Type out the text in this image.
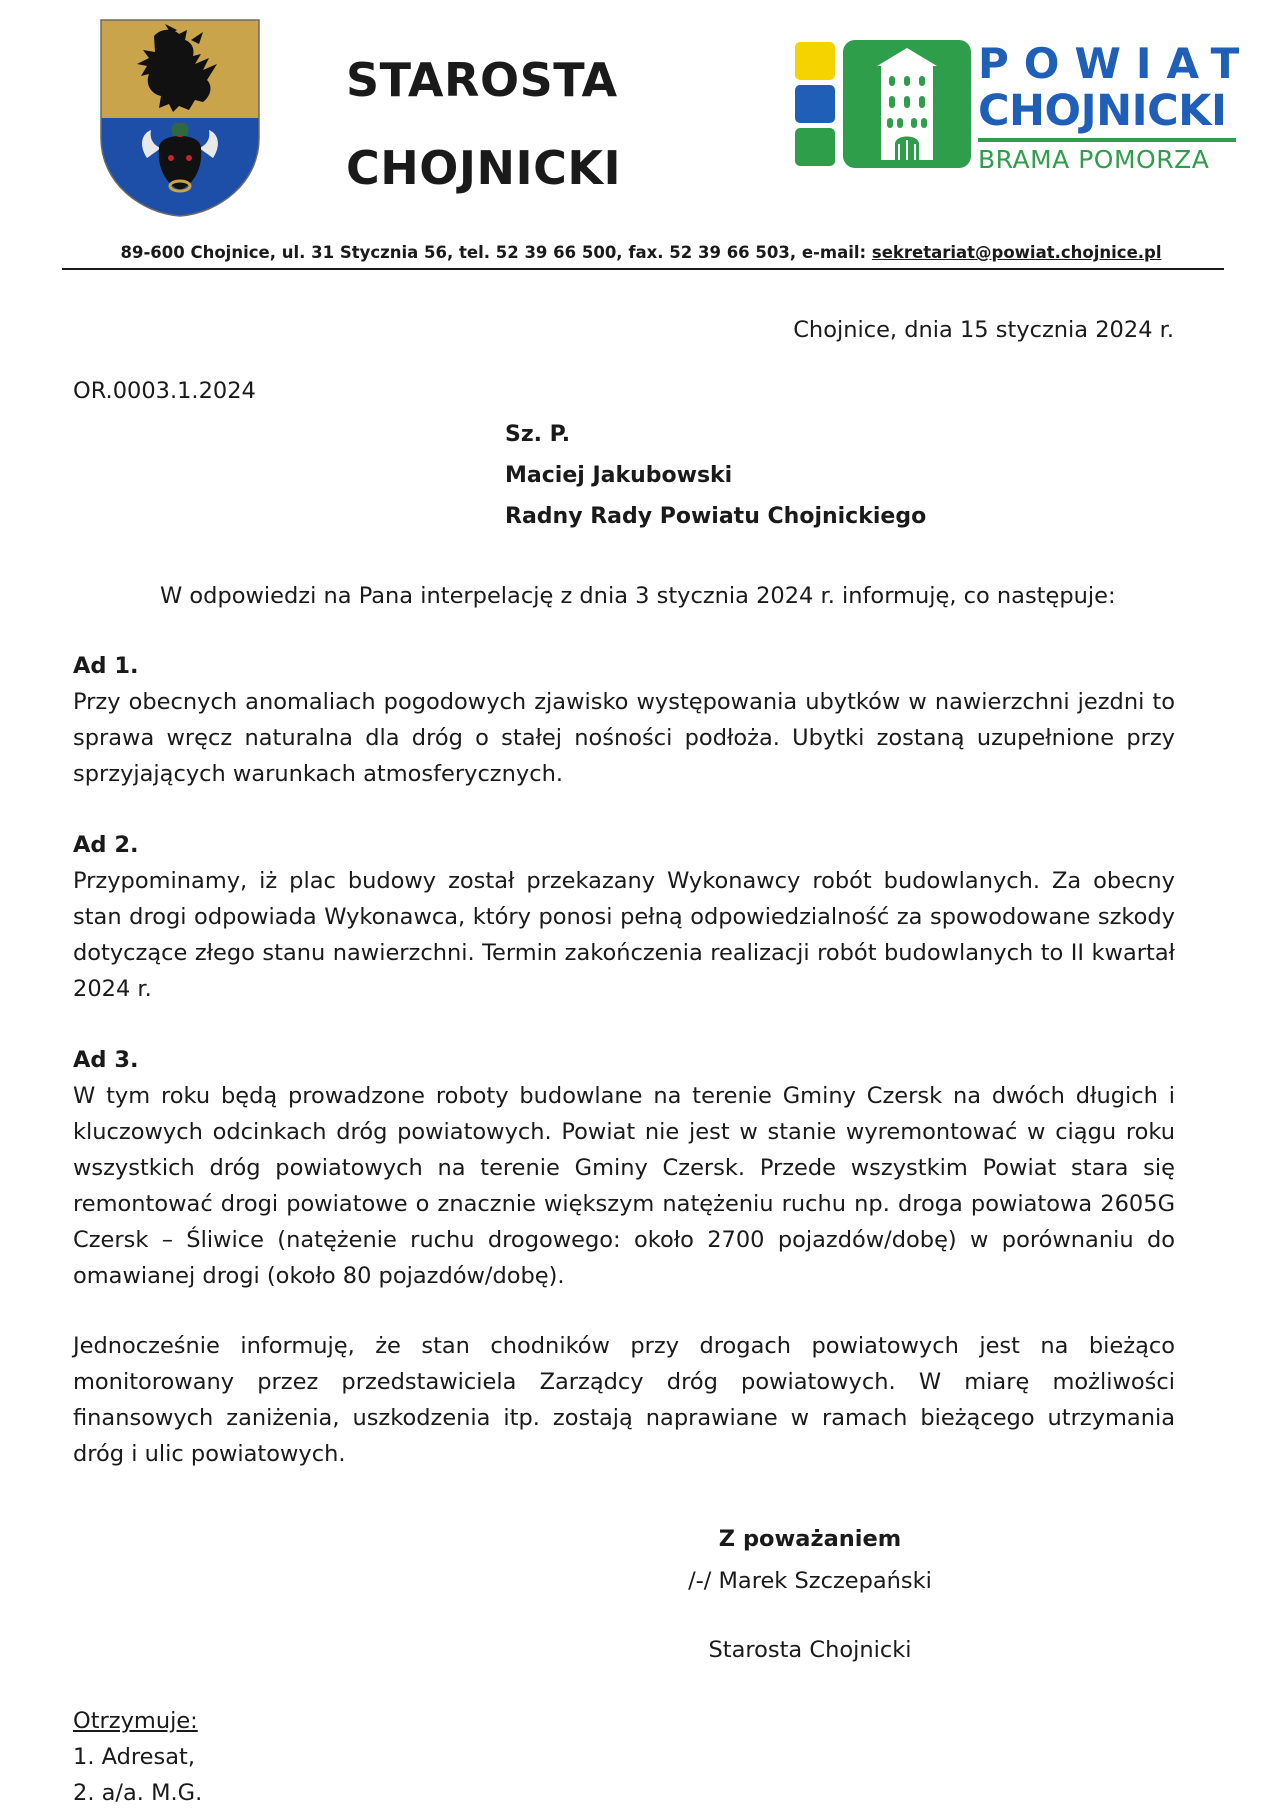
STAROSTA
CHOJNICKI
POWIAT
CHOJNICKI
BRAMA POMORZA
89-600 Chojnice, ul. 31 Stycznia 56, tel. 52 39 66 500, fax. 52 39 66 503, e-mail: sekretariat@powiat.chojnice.pl
Chojnice, dnia 15 stycznia 2024 r.
OR.0003.1.2024
Sz. P.
Maciej Jakubowski
Radny Rady Powiatu Chojnickiego
W odpowiedzi na Pana interpelację z dnia 3 stycznia 2024 r. informuję, co następuje:
Ad 1.
Przy obecnych anomaliach pogodowych zjawisko występowania ubytków w nawierzchni jezdni to sprawa wręcz naturalna dla dróg o stałej nośności podłoża. Ubytki zostaną uzupełnione przy sprzyjających warunkach atmosferycznych.
Ad 2.
Przypominamy, iż plac budowy został przekazany Wykonawcy robót budowlanych. Za obecny stan drogi odpowiada Wykonawca, który ponosi pełną odpowiedzialność za spowodowane szkody dotyczące złego stanu nawierzchni. Termin zakończenia realizacji robót budowlanych to II kwartał 2024 r.
Ad 3.
W tym roku będą prowadzone roboty budowlane na terenie Gminy Czersk na dwóch długich i kluczowych odcinkach dróg powiatowych. Powiat nie jest w stanie wyremontować w ciągu roku wszystkich dróg powiatowych na terenie Gminy Czersk. Przede wszystkim Powiat stara się remontować drogi powiatowe o znacznie większym natężeniu ruchu np. droga powiatowa 2605G Czersk – Śliwice (natężenie ruchu drogowego: około 2700 pojazdów/dobę) w porównaniu do omawianej drogi (około 80 pojazdów/dobę).
Jednocześnie informuję, że stan chodników przy drogach powiatowych jest na bieżąco monitorowany przez przedstawiciela Zarządcy dróg powiatowych. W miarę możliwości finansowych zaniżenia, uszkodzenia itp. zostają naprawiane w ramach bieżącego utrzymania dróg i ulic powiatowych.
Z poważaniem
/-/ Marek Szczepański
Starosta Chojnicki
Otrzymuje:
1. Adresat,
2. a/a. M.G.
